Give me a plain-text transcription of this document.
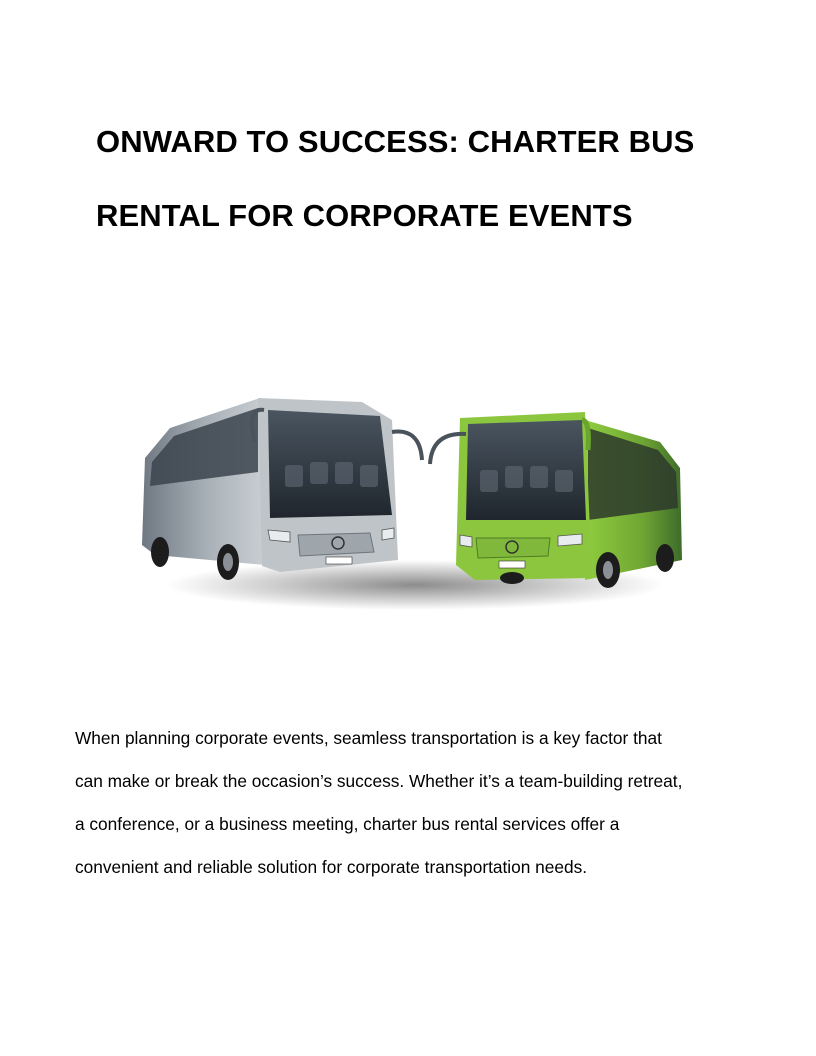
ONWARD TO SUCCESS: CHARTER BUS
RENTAL FOR CORPORATE EVENTS

When planning corporate events, seamless transportation is a key factor that
can make or break the occasion’s success. Whether it’s a team-building retreat,
a conference, or a business meeting, charter bus rental services offer a
convenient and reliable solution for corporate transportation needs.
